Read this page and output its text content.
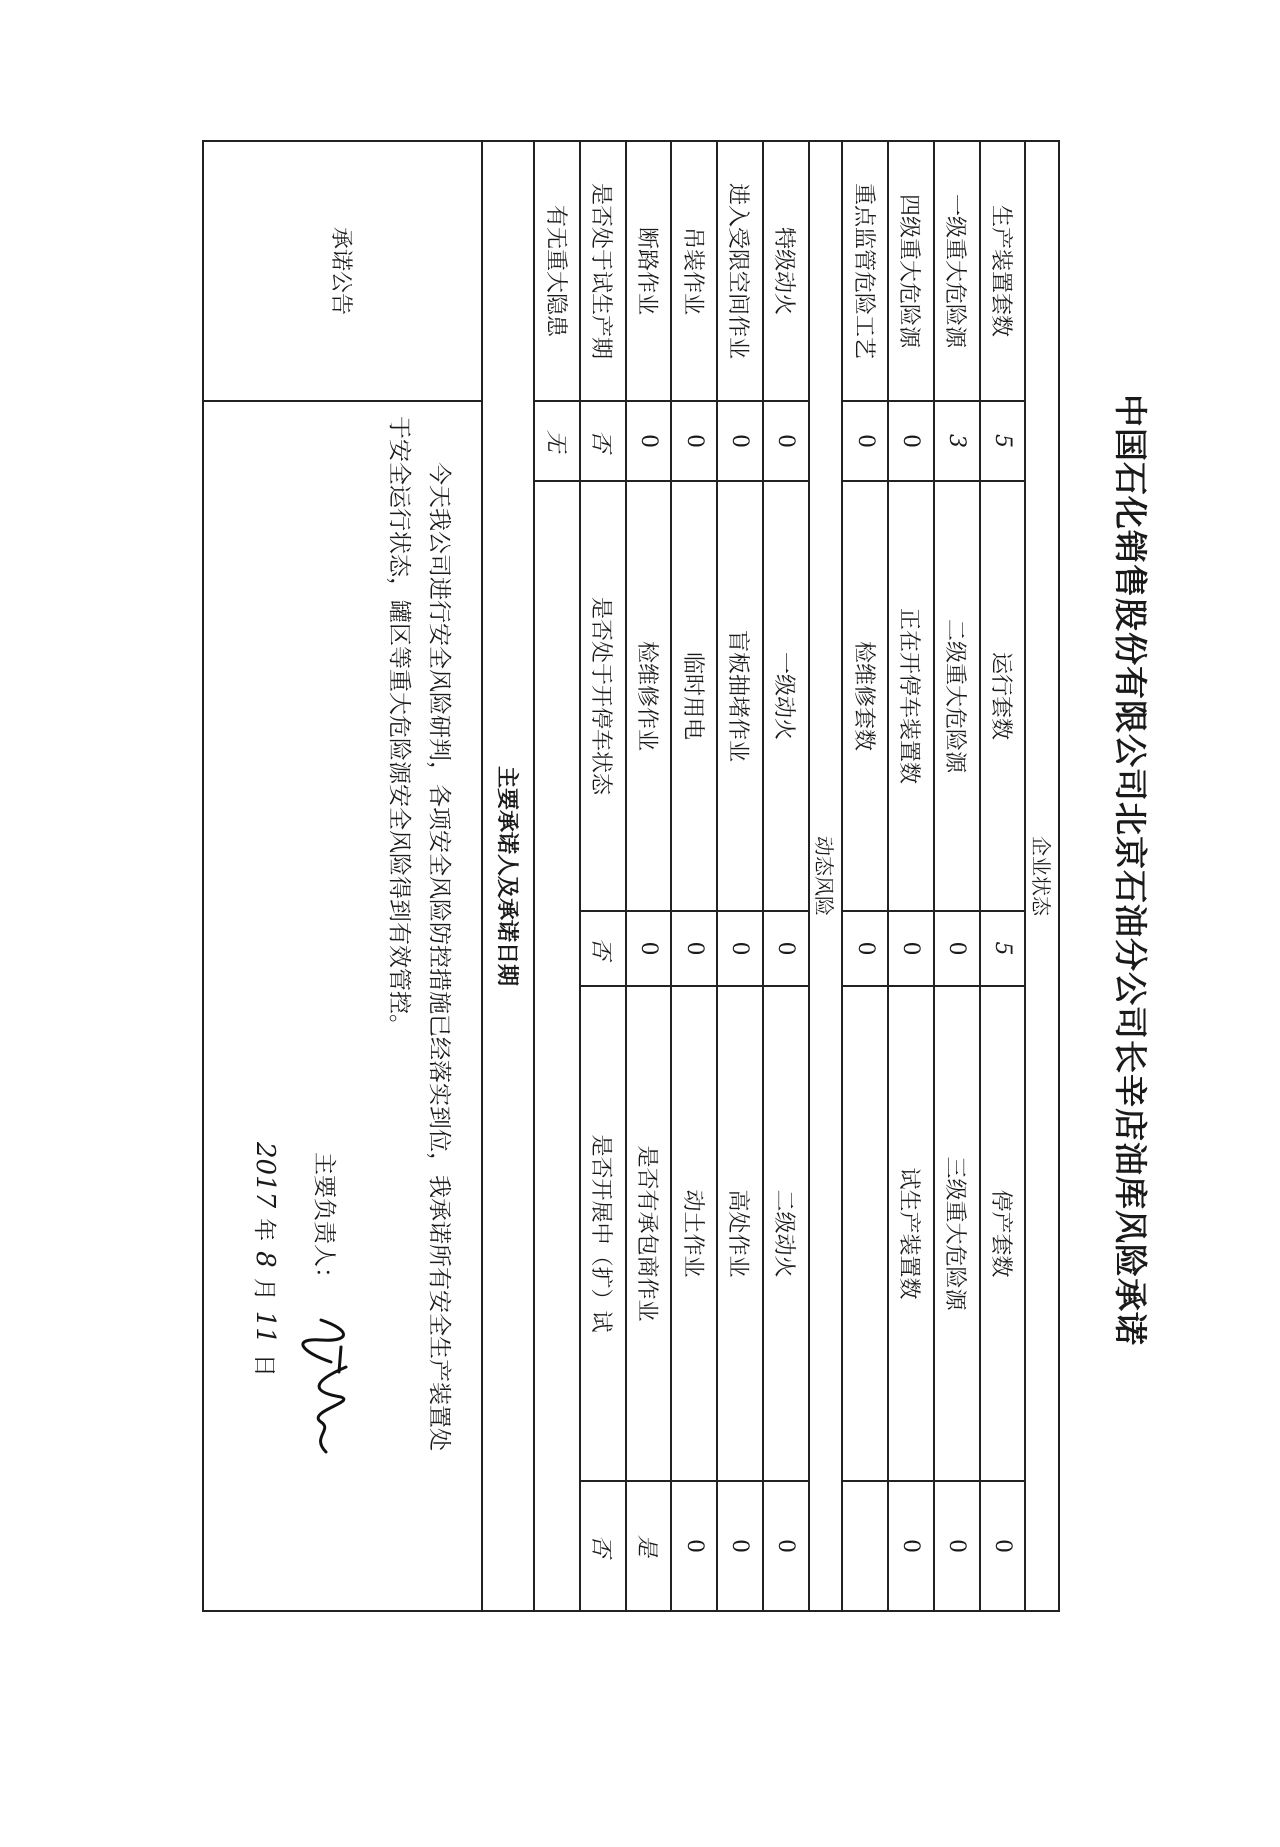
中国石化销售股份有限公司北京石油分公司长辛店油库风险承诺
企业状态					
生产装置套数	5	运行套数	5	停产套数	0
一级重大危险源	3	二级重大危险源	0	三级重大危险源	0
四级重大危险源	0	正在开停车装置数	0	试生产装置数	0
重点监管危险工艺	0	检维修套数	0		
动态风险					
特级动火	0	一级动火	0	二级动火	0
进入受限空间作业	0	盲板抽堵作业	0	高处作业	0
吊装作业	0	临时用电	0	动土作业	0
断路作业	0	检维修作业	0	是否有承包商作业	是
是否处于试生产期	否	是否处于开停车状态	否	是否开展中（扩）试	否
有无重大隐患	无				
主要承诺人及承诺日期					
承诺公告	今天我公司进行安全风险研判，各项安全风险防控措施已经落实到位，我承诺所有安全生产装置处于安全运行状态，罐区等重大危险源安全风险得到有效管控。
主要负责人：
2017年8月11日				
